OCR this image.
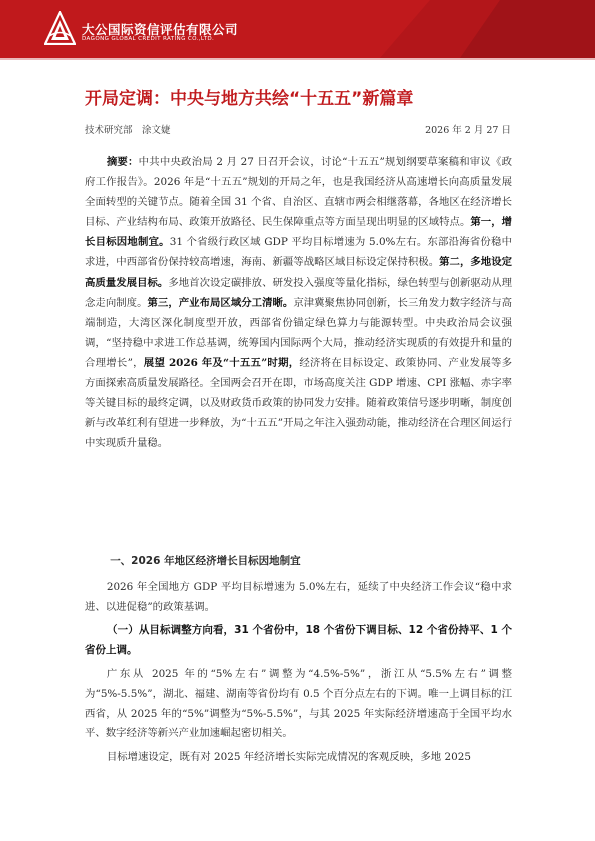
大公国际资信评估有限公司
DAGONG GLOBAL CREDIT RATING CO.,LTD.
开局定调：中央与地方共绘“十五五”新篇章
技术研究部　涂文婕	2026 年 2 月 27 日

摘要：中共中央政治局 2 月 27 日召开会议，讨论“十五五”规划纲要草案稿和审议《政府工作报告》。2026 年是“十五五”规划的开局之年，也是我国经济从高速增长向高质量发展全面转型的关键节点。随着全国 31 个省、自治区、直辖市两会相继落幕，各地区在经济增长目标、产业结构布局、政策开放路径、民生保障重点等方面呈现出明显的区域特点。第一，增长目标因地制宜。31 个省级行政区域 GDP 平均目标增速为 5.0%左右。东部沿海省份稳中求进，中西部省份保持较高增速，海南、新疆等战略区域目标设定保持积极。第二，多地设定高质量发展目标。多地首次设定碳排放、研发投入强度等量化指标，绿色转型与创新驱动从理念走向制度。第三，产业布局区域分工清晰。京津冀聚焦协同创新，长三角发力数字经济与高端制造，大湾区深化制度型开放，西部省份锚定绿色算力与能源转型。中央政治局会议强调，“坚持稳中求进工作总基调，统筹国内国际两个大局，推动经济实现质的有效提升和量的合理增长”，展望 2026 年及“十五五”时期，经济将在目标设定、政策协同、产业发展等多方面探索高质量发展路径。全国两会召开在即，市场高度关注 GDP 增速、CPI 涨幅、赤字率等关键目标的最终定调，以及财政货币政策的协同发力安排。随着政策信号逐步明晰，制度创新与改革红利有望进一步释放，为“十五五”开局之年注入强劲动能，推动经济在合理区间运行中实现质升量稳。

一、2026 年地区经济增长目标因地制宜

2026 年全国地方 GDP 平均目标增速为 5.0%左右，延续了中央经济工作会议“稳中求进、以进促稳”的政策基调。

（一）从目标调整方向看，31 个省份中，18 个省份下调目标、12 个省份持平、1 个省份上调。

广东从 2025 年的“5%左右”调整为“4.5%-5%”，浙江从“5.5%左右”调整为“5%-5.5%”，湖北、福建、湖南等省份均有 0.5 个百分点左右的下调。唯一上调目标的江西省，从 2025 年的“5%”调整为“5%-5.5%”，与其 2025 年实际经济增速高于全国平均水平、数字经济等新兴产业加速崛起密切相关。

目标增速设定，既有对 2025 年经济增长实际完成情况的客观反映，多地 2025
